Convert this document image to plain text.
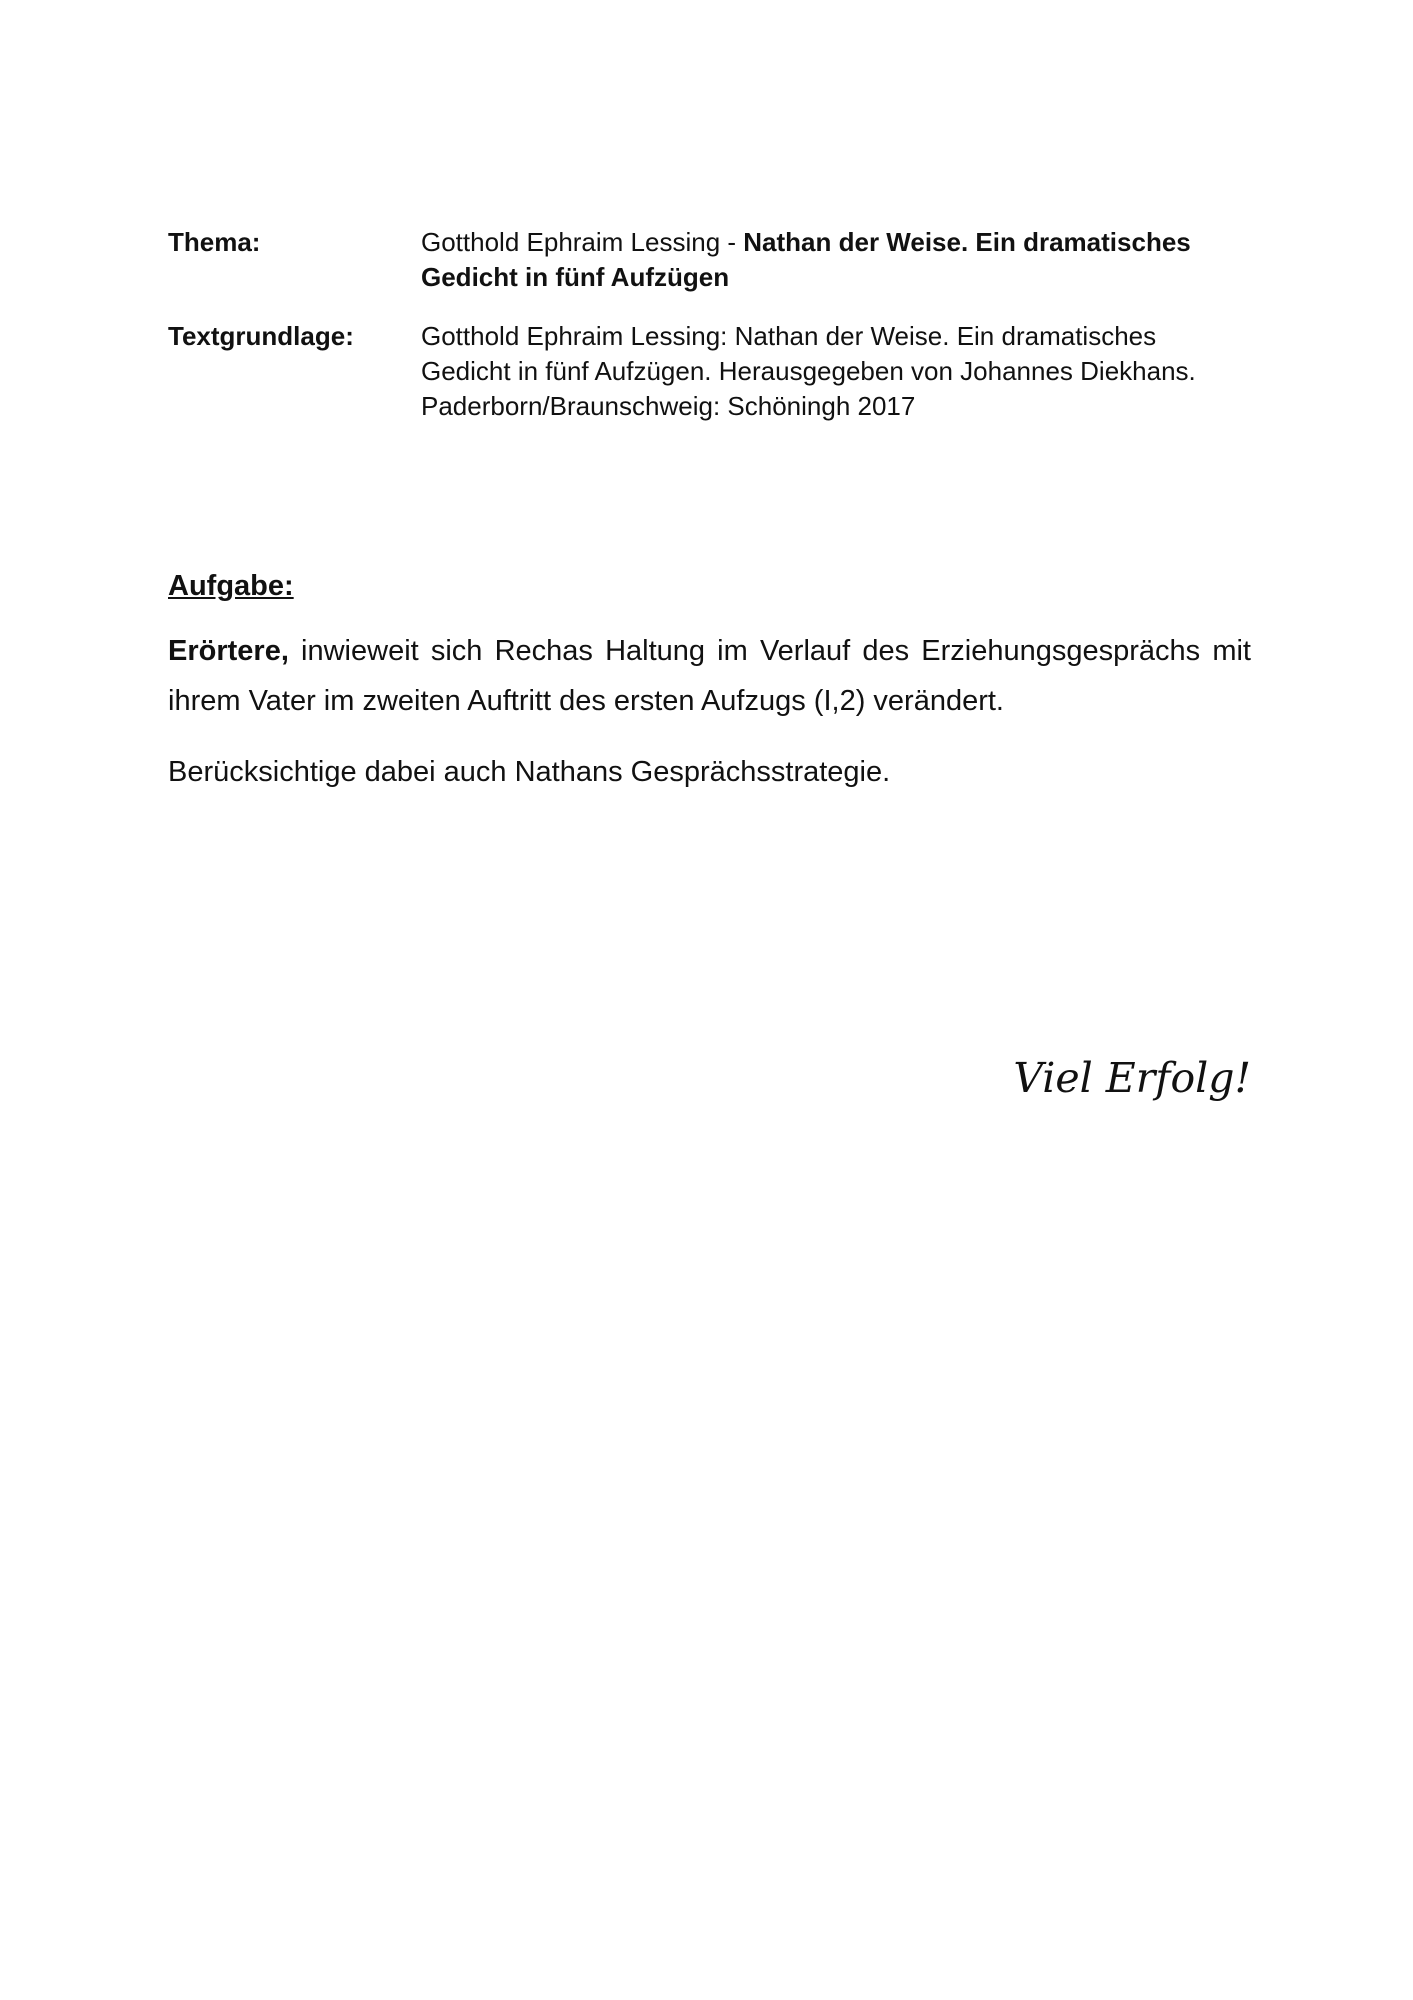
Thema:	Gotthold Ephraim Lessing - Nathan der Weise. Ein dramatisches Gedicht in fünf Aufzügen
Textgrundlage:	Gotthold Ephraim Lessing: Nathan der Weise. Ein dramatisches
Gedicht in fünf Aufzügen. Herausgegeben von Johannes Diekhans.
Paderborn/Braunschweig: Schöningh 2017
Aufgabe:
Erörtere, inwieweit sich Rechas Haltung im Verlauf des Erziehungsgesprächs mit ihrem Vater im zweiten Auftritt des ersten Aufzugs (I,2) verändert.
Berücksichtige dabei auch Nathans Gesprächsstrategie.
Viel Erfolg!
